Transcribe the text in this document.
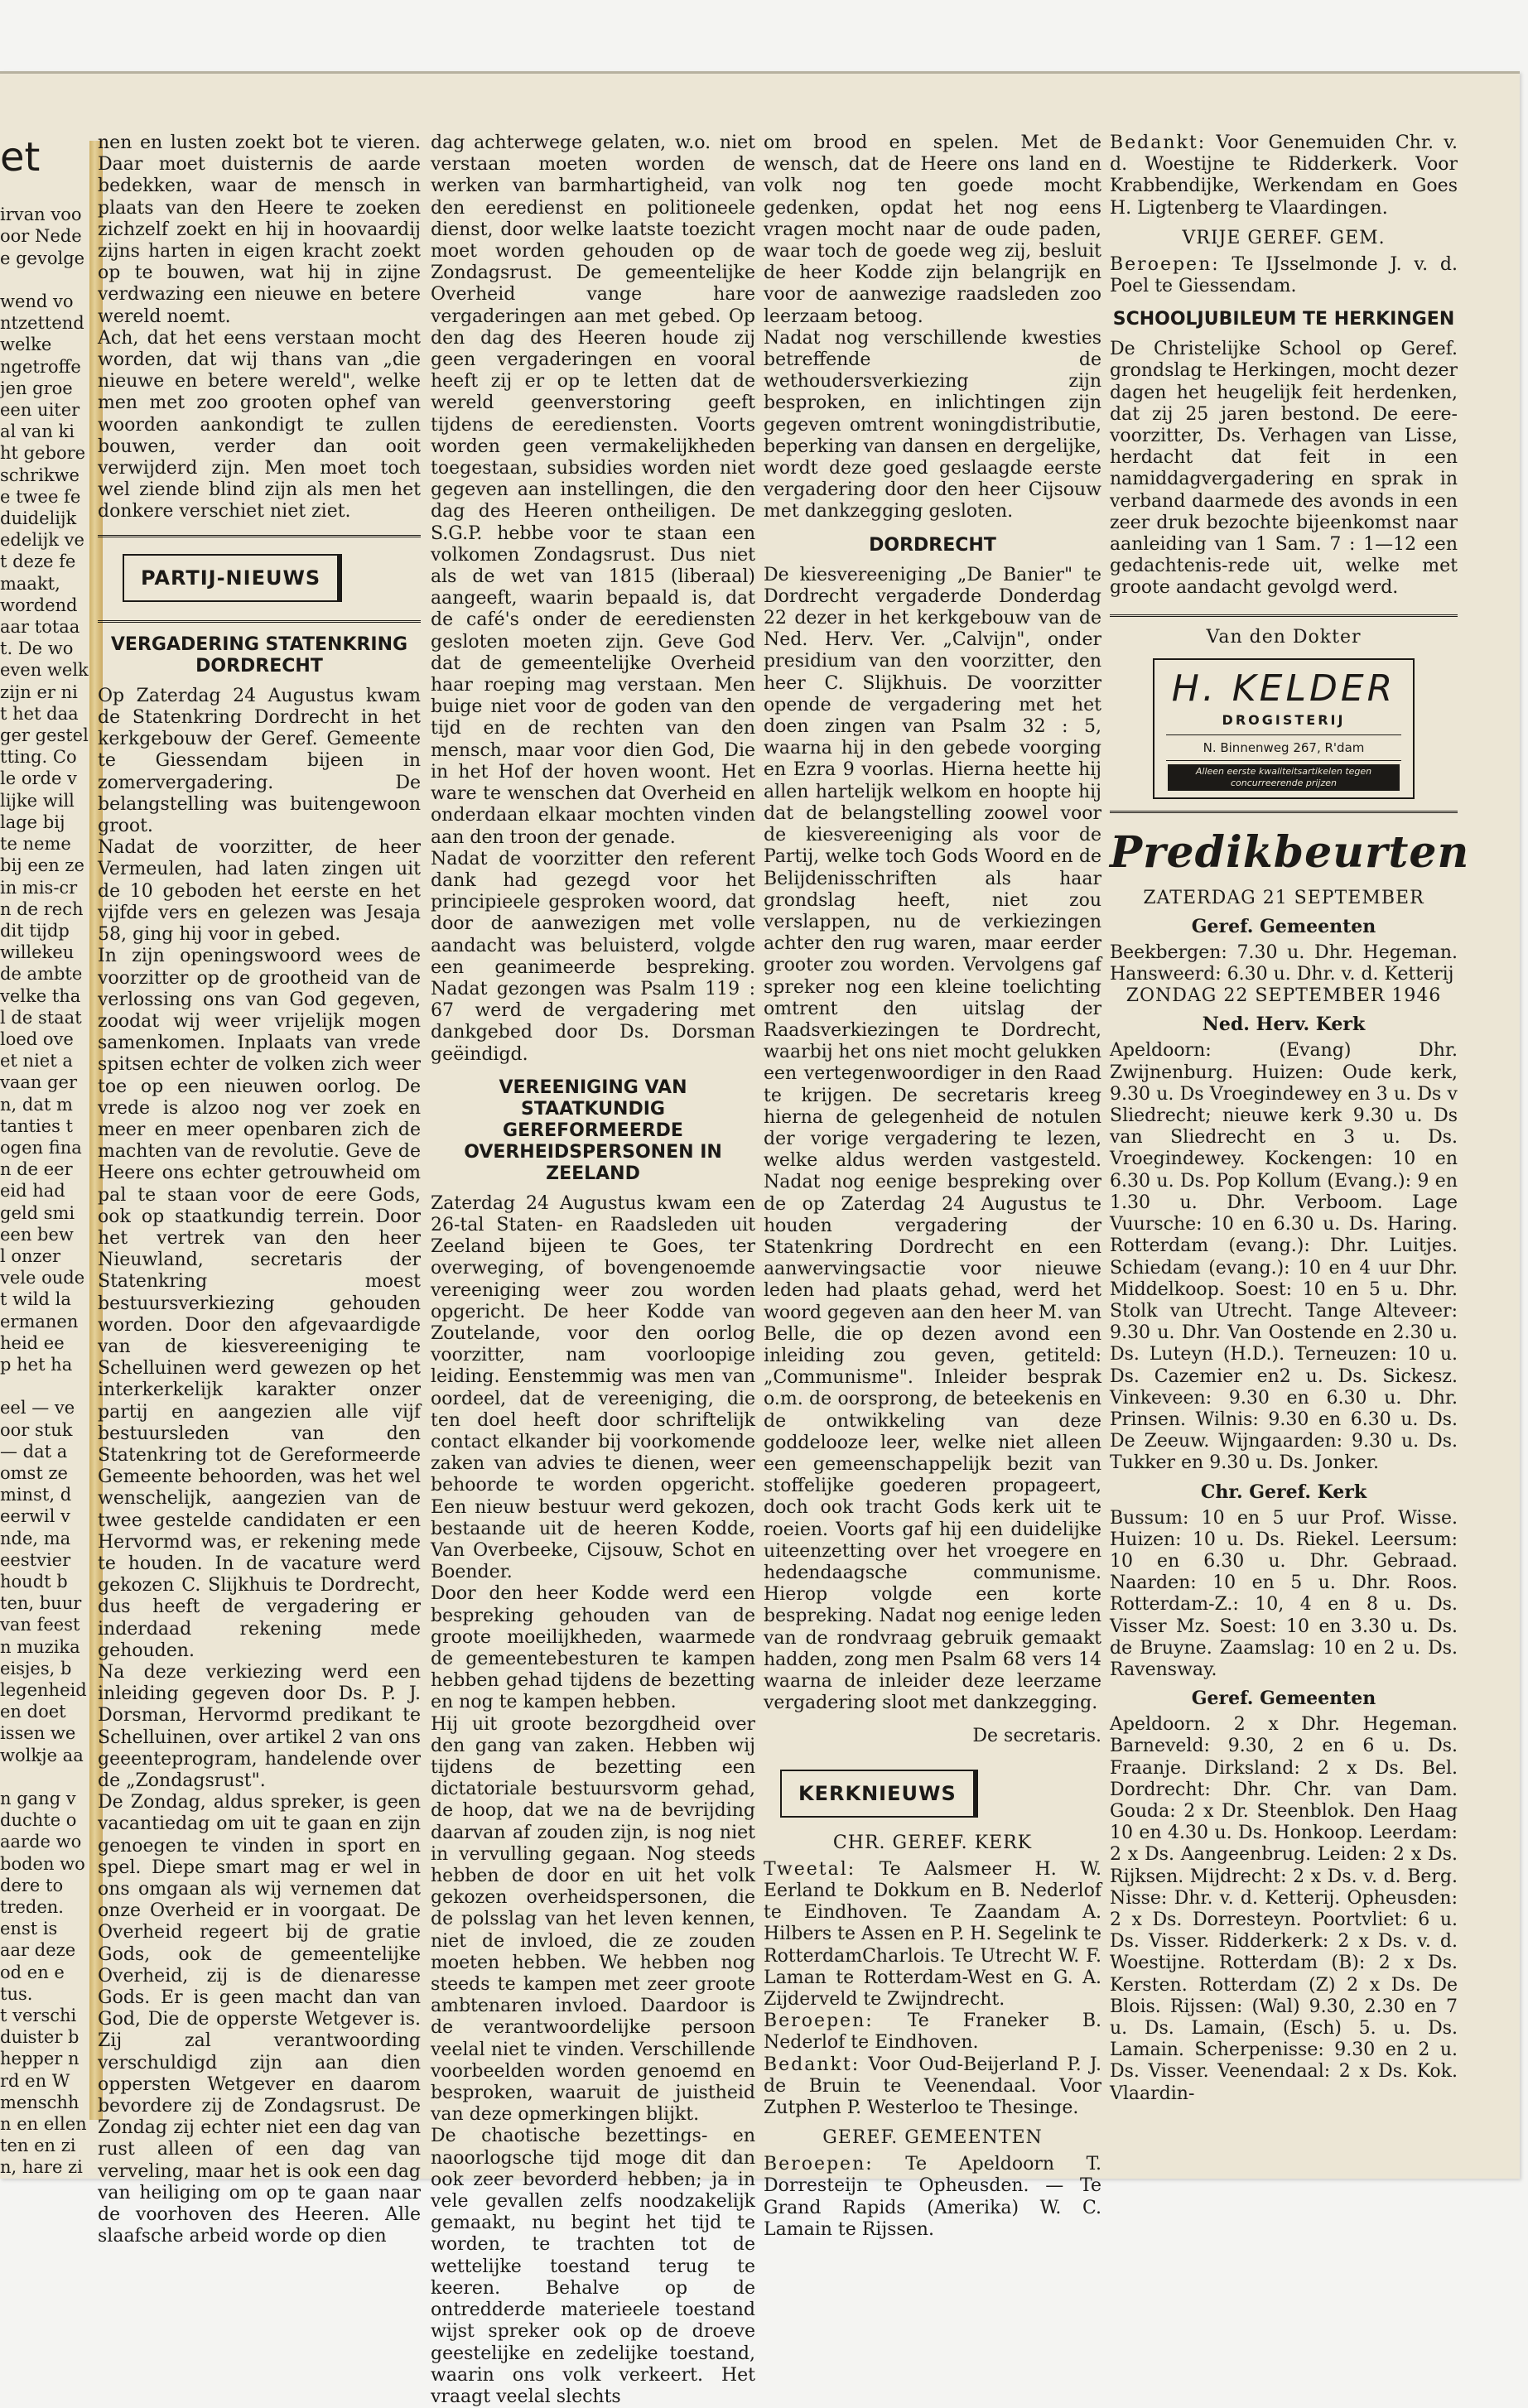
et

irvan voo
oor Nede
e gevolge

wend vo
ntzettend
welke
ngetroffe
jen groe
een uiter
al van ki
ht gebore
schrikwe
e twee fe
duidelijk
edelijk ve
t deze fe
maakt,
wordend
aar totaa
t. De wo
even welk
zijn er ni
t het daa
ger gestel
tting. Co
le orde v
lijke will
lage bij
te neme
bij een ze
in mis-cr
n de rech
dit tijdp
willekeu
de ambte
velke tha
l de staat
loed ove
et niet a
vaan ger
n, dat m
tanties t
ogen fina
n de eer
eid had
geld smi
een bew
l onzer
vele oude
t wild la
ermanen
heid ee
p het ha

eel — ve
oor stuk
— dat a
omst ze
minst, d
eerwil v
nde, ma
eestvier
houdt b
ten, buur
van feest
n muzika
eisjes, b
legenheid
en doet
issen we
wolkje aa

n gang v
duchte o
aarde wo
boden wo
dere to
treden.
enst is
aar deze
od en e
tus.
t verschi
duister b
hepper n
rd en W
menschh
n en ellen
ten en zi
n, hare zi

nen en lusten zoekt bot te vieren. Daar moet duisternis de aarde bedekken, waar de mensch in plaats van den Heere te zoeken zichzelf zoekt en hij in hoovaardij zijns harten in eigen kracht zoekt op te bouwen, wat hij in zijne verdwazing een nieuwe en betere wereld noemt.

Ach, dat het eens verstaan mocht worden, dat wij thans van „die nieuwe en betere wereld", welke men met zoo grooten ophef van woorden aankondigt te zullen bouwen, verder dan ooit verwijderd zijn. Men moet toch wel ziende blind zijn als men het donkere verschiet niet ziet.

PARTIJ-NIEUWS
VERGADERING STATENKRING DORDRECHT

Op Zaterdag 24 Augustus kwam de Statenkring Dordrecht in het kerkgebouw der Geref. Gemeente te Giessendam bijeen in zomervergadering. De belangstelling was buitengewoon groot.

Nadat de voorzitter, de heer Vermeulen, had laten zingen uit de 10 geboden het eerste en het vijfde vers en gelezen was Jesaja 58, ging hij voor in gebed.

In zijn openingswoord wees de voorzitter op de grootheid van de verlossing ons van God gegeven, zoodat wij weer vrijelijk mogen samenkomen. Inplaats van vrede spitsen echter de volken zich weer toe op een nieuwen oorlog. De vrede is alzoo nog ver zoek en meer en meer openbaren zich de machten van de revolutie. Geve de Heere ons echter getrouwheid om pal te staan voor de eere Gods, ook op staatkundig terrein. Door het vertrek van den heer Nieuwland, secretaris der Statenkring moest bestuursverkiezing gehouden worden. Door den afgevaardigde van de kiesvereeniging te Schelluinen werd gewezen op het interkerkelijk karakter onzer partij en aangezien alle vijf bestuursleden van den Statenkring tot de Gereformeerde Gemeente behoorden, was het wel wenschelijk, aangezien van de twee gestelde candidaten er een Hervormd was, er rekening mede te houden. In de vacature werd gekozen C. Slijkhuis te Dordrecht, dus heeft de vergadering er inderdaad rekening mede gehouden.

Na deze verkiezing werd een inleiding gegeven door Ds. P. J. Dorsman, Hervormd predikant te Schelluinen, over artikel 2 van ons geeenteprogram, handelende over de „Zondagsrust".

De Zondag, aldus spreker, is geen vacantiedag om uit te gaan en zijn genoegen te vinden in sport en spel. Diepe smart mag er wel in ons omgaan als wij vernemen dat onze Overheid er in voorgaat. De Overheid regeert bij de gratie Gods, ook de gemeentelijke Overheid, zij is de dienaresse Gods. Er is geen macht dan van God, Die de opperste Wetgever is. Zij zal verantwoording verschuldigd zijn aan dien oppersten Wetgever en daarom bevordere zij de Zondagsrust. De Zondag zij echter niet een dag van rust alleen of een dag van verveling, maar het is ook een dag van heiliging om op te gaan naar de voorhoven des Heeren. Alle slaafsche arbeid worde op dien

dag achterwege gelaten, w.o. niet verstaan moeten worden de werken van barmhartigheid, van den eeredienst en politioneele dienst, door welke laatste toezicht moet worden gehouden op de Zondagsrust. De gemeentelijke Overheid vange hare vergaderingen aan met gebed. Op den dag des Heeren houde zij geen vergaderingen en vooral heeft zij er op te letten dat de wereld geenverstoring geeft tijdens de eerediensten. Voorts worden geen vermakelijkheden toegestaan, subsidies worden niet gegeven aan instellingen, die den dag des Heeren ontheiligen. De S.G.P. hebbe voor te staan een volkomen Zondagsrust. Dus niet als de wet van 1815 (liberaal) aangeeft, waarin bepaald is, dat de café's onder de eerediensten gesloten moeten zijn. Geve God dat de gemeentelijke Overheid haar roeping mag verstaan. Men buige niet voor de goden van den tijd en de rechten van den mensch, maar voor dien God, Die in het Hof der hoven woont. Het ware te wenschen dat Overheid en onderdaan elkaar mochten vinden aan den troon der genade.

Nadat de voorzitter den referent dank had gezegd voor het principieele gesproken woord, dat door de aanwezigen met volle aandacht was beluisterd, volgde een geanimeerde bespreking. Nadat gezongen was Psalm 119 : 67 werd de vergadering met dankgebed door Ds. Dorsman geëindigd.

VEREENIGING VAN STAATKUNDIG GEREFORMEERDE OVERHEIDSPERSONEN IN ZEELAND

Zaterdag 24 Augustus kwam een 26-tal Staten- en Raadsleden uit Zeeland bijeen te Goes, ter overweging, of bovengenoemde vereeniging weer zou worden opgericht. De heer Kodde van Zoutelande, voor den oorlog voorzitter, nam voorloopige leiding. Eenstemmig was men van oordeel, dat de vereeniging, die ten doel heeft door schriftelijk contact elkander bij voorkomende zaken van advies te dienen, weer behoorde te worden opgericht. Een nieuw bestuur werd gekozen, bestaande uit de heeren Kodde, Van Overbeeke, Cijsouw, Schot en Boender.

Door den heer Kodde werd een bespreking gehouden van de groote moeilijkheden, waarmede de gemeentebesturen te kampen hebben gehad tijdens de bezetting en nog te kampen hebben.

Hij uit groote bezorgdheid over den gang van zaken. Hebben wij tijdens de bezetting een dictatoriale bestuursvorm gehad, de hoop, dat we na de bevrijding daarvan af zouden zijn, is nog niet in vervulling gegaan. Nog steeds hebben de door en uit het volk gekozen overheidspersonen, die de polsslag van het leven kennen, niet de invloed, die ze zouden moeten hebben. We hebben nog steeds te kampen met zeer groote ambtenaren invloed. Daardoor is de verantwoordelijke persoon veelal niet te vinden. Verschillende voorbeelden worden genoemd en besproken, waaruit de juistheid van deze opmerkingen blijkt.

De chaotische bezettings- en naoorlogsche tijd moge dit dan ook zeer bevorderd hebben; ja in vele gevallen zelfs noodzakelijk gemaakt, nu begint het tijd te worden, te trachten tot de wettelijke toestand terug te keeren. Behalve op de ontredderde materieele toestand wijst spreker ook op de droeve geestelijke en zedelijke toestand, waarin ons volk verkeert. Het vraagt veelal slechts

om brood en spelen. Met de wensch, dat de Heere ons land en volk nog ten goede mocht gedenken, opdat het nog eens vragen mocht naar de oude paden, waar toch de goede weg zij, besluit de heer Kodde zijn belangrijk en voor de aanwezige raadsleden zoo leerzaam betoog.

Nadat nog verschillende kwesties betreffende de wethoudersverkiezing zijn besproken, en inlichtingen zijn gegeven omtrent woningdistributie, beperking van dansen en dergelijke, wordt deze goed geslaagde eerste vergadering door den heer Cijsouw met dankzegging gesloten.

DORDRECHT

De kiesvereeniging „De Banier" te Dordrecht vergaderde Donderdag 22 dezer in het kerkgebouw van de Ned. Herv. Ver. „Calvijn", onder presidium van den voorzitter, den heer C. Slijkhuis. De voorzitter opende de vergadering met het doen zingen van Psalm 32 : 5, waarna hij in den gebede voorging en Ezra 9 voorlas. Hierna heette hij allen hartelijk welkom en hoopte hij dat de belangstelling zoowel voor de kiesvereeniging als voor de Partij, welke toch Gods Woord en de Belijdenisschriften als haar grondslag heeft, niet zou verslappen, nu de verkiezingen achter den rug waren, maar eerder grooter zou worden. Vervolgens gaf spreker nog een kleine toelichting omtrent den uitslag der Raadsverkiezingen te Dordrecht, waarbij het ons niet mocht gelukken een vertegenwoordiger in den Raad te krijgen. De secretaris kreeg hierna de gelegenheid de notulen der vorige vergadering te lezen, welke aldus werden vastgesteld. Nadat nog eenige bespreking over de op Zaterdag 24 Augustus te houden vergadering der Statenkring Dordrecht en een aanwervingsactie voor nieuwe leden had plaats gehad, werd het woord gegeven aan den heer M. van Belle, die op dezen avond een inleiding zou geven, getiteld: „Communisme". Inleider besprak o.m. de oorsprong, de beteekenis en de ontwikkeling van deze goddelooze leer, welke niet alleen een gemeenschappelijk bezit van stoffelijke goederen propageert, doch ook tracht Gods kerk uit te roeien. Voorts gaf hij een duidelijke uiteenzetting over het vroegere en hedendaagsche communisme. Hierop volgde een korte bespreking. Nadat nog eenige leden van de rondvraag gebruik gemaakt hadden, zong men Psalm 68 vers 14 waarna de inleider deze leerzame vergadering sloot met dankzegging.

De secretaris.
KERKNIEUWS
CHR. GEREF. KERK

Tweetal: Te Aalsmeer H. W. Eerland te Dokkum en B. Nederlof te Eindhoven. Te Zaandam A. Hilbers te Assen en P. H. Segelink te RotterdamCharlois. Te Utrecht W. F. Laman te Rotterdam-West en G. A. Zijderveld te Zwijndrecht.

Beroepen: Te Franeker B. Nederlof te Eindhoven.

Bedankt: Voor Oud-Beijerland P. J. de Bruin te Veenendaal. Voor Zutphen P. Westerloo te Thesinge.

GEREF. GEMEENTEN

Beroepen: Te Apeldoorn T. Dorresteijn te Opheusden. — Te Grand Rapids (Amerika) W. C. Lamain te Rijssen.

Bedankt: Voor Genemuiden Chr. v. d. Woestijne te Ridderkerk. Voor Krabbendijke, Werkendam en Goes H. Ligtenberg te Vlaardingen.

VRIJE GEREF. GEM.

Beroepen: Te IJsselmonde J. v. d. Poel te Giessendam.

SCHOOLJUBILEUM TE HERKINGEN

De Christelijke School op Geref. grondslag te Herkingen, mocht dezer dagen het heugelijk feit herdenken, dat zij 25 jaren bestond. De eere-voorzitter, Ds. Verhagen van Lisse, herdacht dat feit in een namiddagvergadering en sprak in verband daarmede des avonds in een zeer druk bezochte bijeenkomst naar aanleiding van 1 Sam. 7 : 1—12 een gedachtenis-rede uit, welke met groote aandacht gevolgd werd.

Van den Dokter
H. KELDER
DROGISTERIJ
N. Binnenweg 267, R'dam
Alleen eerste kwaliteitsartikelen tegen concurreerende prijzen
Predikbeurten
ZATERDAG 21 SEPTEMBER
Geref. Gemeenten

Beekbergen: 7.30 u. Dhr. Hegeman. Hansweerd: 6.30 u. Dhr. v. d. Ketterij

ZONDAG 22 SEPTEMBER 1946
Ned. Herv. Kerk

Apeldoorn: (Evang) Dhr. Zwijnenburg. Huizen: Oude kerk, 9.30 u. Ds Vroegindewey en 3 u. Ds v Sliedrecht; nieuwe kerk 9.30 u. Ds van Sliedrecht en 3 u. Ds. Vroegindewey. Kockengen: 10 en 6.30 u. Ds. Pop Kollum (Evang.): 9 en 1.30 u. Dhr. Verboom. Lage Vuursche: 10 en 6.30 u. Ds. Haring. Rotterdam (evang.): Dhr. Luitjes. Schiedam (evang.): 10 en 4 uur Dhr. Middelkoop. Soest: 10 en 5 u. Dhr. Stolk van Utrecht. Tange Alteveer: 9.30 u. Dhr. Van Oostende en 2.30 u. Ds. Luteyn (H.D.). Terneuzen: 10 u. Ds. Cazemier en2 u. Ds. Sickesz. Vinkeveen: 9.30 en 6.30 u. Dhr. Prinsen. Wilnis: 9.30 en 6.30 u. Ds. De Zeeuw. Wijngaarden: 9.30 u. Ds. Tukker en 9.30 u. Ds. Jonker.

Chr. Geref. Kerk

Bussum: 10 en 5 uur Prof. Wisse. Huizen: 10 u. Ds. Riekel. Leersum: 10 en 6.30 u. Dhr. Gebraad. Naarden: 10 en 5 u. Dhr. Roos. Rotterdam-Z.: 10, 4 en 8 u. Ds. Visser Mz. Soest: 10 en 3.30 u. Ds. de Bruyne. Zaamslag: 10 en 2 u. Ds. Ravensway.

Geref. Gemeenten

Apeldoorn. 2 x Dhr. Hegeman. Barneveld: 9.30, 2 en 6 u. Ds. Fraanje. Dirksland: 2 x Ds. Bel. Dordrecht: Dhr. Chr. van Dam. Gouda: 2 x Dr. Steenblok. Den Haag 10 en 4.30 u. Ds. Honkoop. Leerdam: 2 x Ds. Aangeenbrug. Leiden: 2 x Ds. Rijksen. Mijdrecht: 2 x Ds. v. d. Berg. Nisse: Dhr. v. d. Ketterij. Opheusden: 2 x Ds. Dorresteyn. Poortvliet: 6 u. Ds. Visser. Ridderkerk: 2 x Ds. v. d. Woestijne. Rotterdam (B): 2 x Ds. Kersten. Rotterdam (Z) 2 x Ds. De Blois. Rijssen: (Wal) 9.30, 2.30 en 7 u. Ds. Lamain, (Esch) 5. u. Ds. Lamain. Scherpenisse: 9.30 en 2 u. Ds. Visser. Veenendaal: 2 x Ds. Kok. Vlaardin-
